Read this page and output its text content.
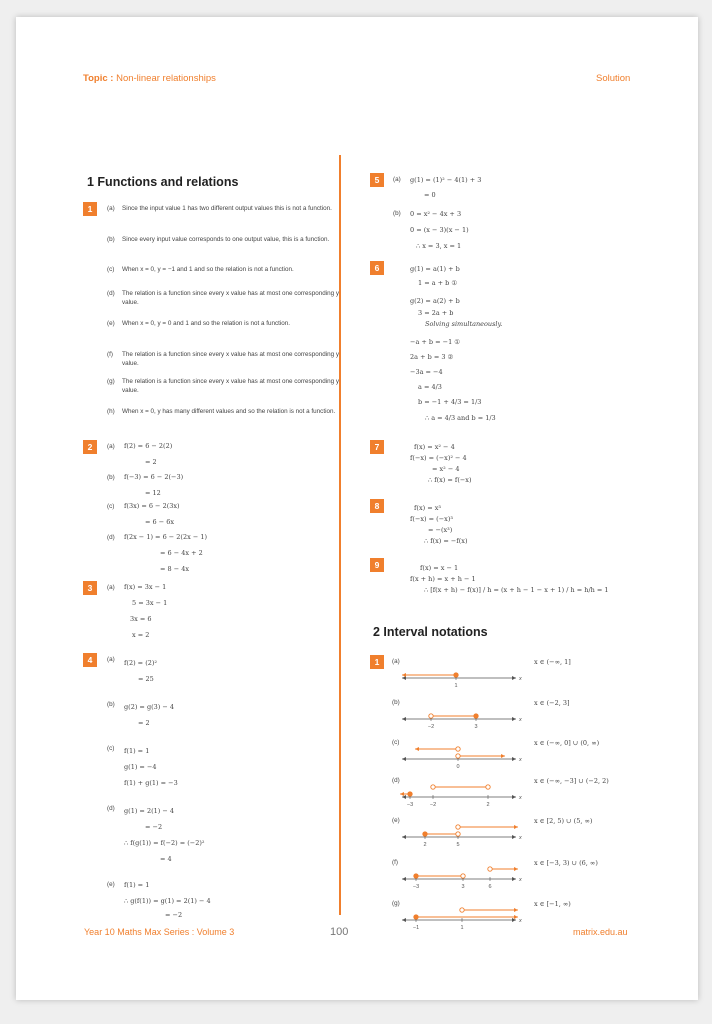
Topic : Non-linear relationships	Solution
1 Functions and relations
1	(a) Since the input value 1 has two different output values this is not a function.
(b) Since every input value corresponds to one output value, this is a function.
(c) When x = 0, y = −1 and 1 and so the relation is not a function.
(d) The relation is a function since every x value has at most one corresponding y value.
(e) When x = 0, y = 0 and 1 and so the relation is not a function.
(f) The relation is a function since every x value has at most one corresponding y value.
(g) The relation is a function since every x value has at most one corresponding y value.
(h) When x = 0, y has many different values and so the relation is not a function.
2	(a) f(2) = 6 − 2(2)
= 2
(b) f(−3) = 6 − 2(−3)
= 12
(c) f(3x) = 6 − 2(3x)
= 6 − 6x
(d) f(2x − 1) = 6 − 2(2x − 1)
= 6 − 4x + 2
= 8 − 4x
3	(a) f(x) = 3x − 1
5 = 3x − 1
3x = 6
x = 2
4	(a) f(2) = (2)²
= 25
(b) g(2) = g(3) − 4
= 2
(c) f(1) = 1
g(1) = −4
f(1) + g(1) = −3
(d) g(1) = 2(1) − 4
= −2
∴ f(g(1)) = f(−2) = (−2)²
= 4
(e) f(1) = 1
∴ g(f(1)) = g(1) = 2(1) − 4
= −2
5	(a) g(1) = (1)² − 4(1) + 3
= 0
(b) 0 = x² − 4x + 3
0 = (x − 3)(x − 1)
∴ x = 3, x = 1
6	g(1) = a(1) + b
1 = a + b ①
g(2) = a(2) + b
3 = 2a + b
Solving simultaneously.
−a + b = −1 ①
2a + b = 3 ②
−3a = −4
a = 4/3
b = −1 + 4/3 = 1/3
∴ a = 4/3 and b = 1/3
7	f(x) = x² − 4
f(−x) = (−x)² − 4
= x² − 4
∴ f(x) = f(−x)
8	f(x) = x³
f(−x) = (−x)³
= −(x³)
∴ f(x) = −f(x)
9	f(x) = x − 1
f(x + h) = x + h − 1
∴ [f(x + h) − f(x)] / h = (x + h − 1 − x + 1) / h = h/h = 1
2 Interval notations
1	(a)
x
1
x ∈ (−∞, 1]
(b)
x
−2	3
x ∈ (−2, 3]
(c)
x
0
x ∈ (−∞, 0] ∪ (0, ∞)
(d)
x
−3	−2	2
x ∈ (−∞, −3] ∪ (−2, 2)
(e)
x
2	5
x ∈ [2, 5) ∪ (5, ∞)
(f)
x
−3	3	6
x ∈ [−3, 3) ∪ (6, ∞)
(g)
x
−1	1
x ∈ [−1, ∞)
Year 10 Maths Max Series : Volume 3	100	matrix.edu.au
